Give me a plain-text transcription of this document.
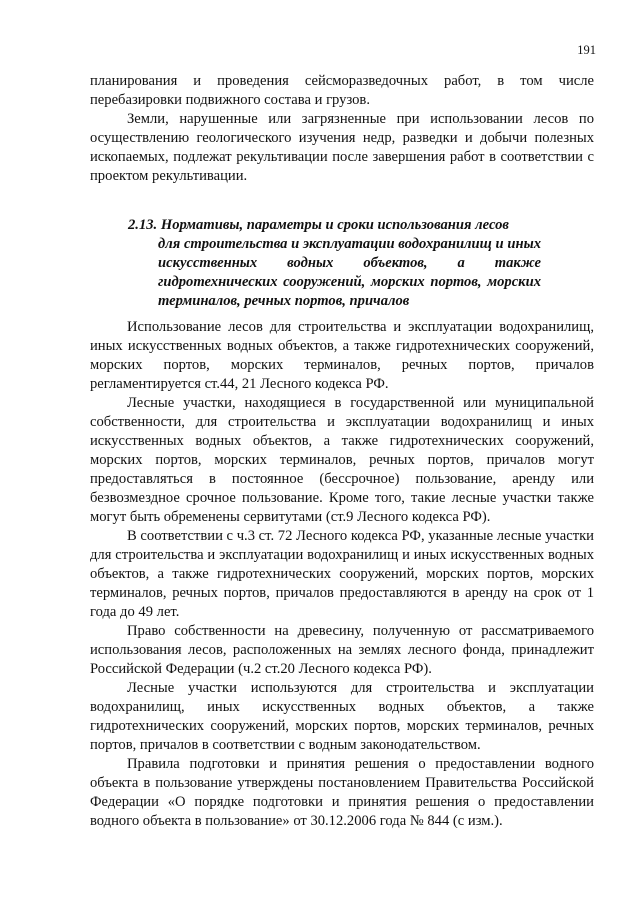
191

планирования и проведения сейсморазведочных работ, в том числе перебазировки подвижного состава и грузов.

Земли, нарушенные или загрязненные при использовании лесов по осуществлению геологического изучения недр, разведки и добычи полезных ископаемых, подлежат рекультивации после завершения работ в соответствии с проектом рекультивации.

2.13. Нормативы, параметры и сроки использования лесов
для строительства и эксплуатации водохранилищ и иных искусственных водных объектов, а также гидротехнических сооружений, морских портов, морских терминалов, речных портов, причалов

Использование лесов для строительства и эксплуатации водохранилищ, иных искусственных водных объектов, а также гидротехнических сооружений, морских портов, морских терминалов, речных портов, причалов регламентируется ст.44, 21 Лесного кодекса РФ.

Лесные участки, находящиеся в государственной или муниципальной собственности, для строительства и эксплуатации водохранилищ и иных искусственных водных объектов, а также гидротехнических сооружений, морских портов, морских терминалов, речных портов, причалов могут предоставляться в постоянное (бессрочное) пользование, аренду или безвозмездное срочное пользование. Кроме того, такие лесные участки также могут быть обременены сервитутами (ст.9 Лесного кодекса РФ).

В соответствии с ч.3 ст. 72 Лесного кодекса РФ, указанные лесные участки для строительства и эксплуатации водохранилищ и иных искусственных водных объектов, а также гидротехнических сооружений, морских портов, морских терминалов, речных портов, причалов предоставляются в аренду на срок от 1 года до 49 лет.

Право собственности на древесину, полученную от рассматриваемого использования лесов, расположенных на землях лесного фонда, принадлежит Российской Федерации (ч.2 ст.20 Лесного кодекса РФ).

Лесные участки используются для строительства и эксплуатации водохранилищ, иных искусственных водных объектов, а также гидротехнических сооружений, морских портов, морских терминалов, речных портов, причалов в соответствии с водным законодательством.

Правила подготовки и принятия решения о предоставлении водного объекта в пользование утверждены постановлением Правительства Российской Федерации «О порядке подготовки и принятия решения о предоставлении водного объекта в пользование» от 30.12.2006 года № 844 (с изм.).
